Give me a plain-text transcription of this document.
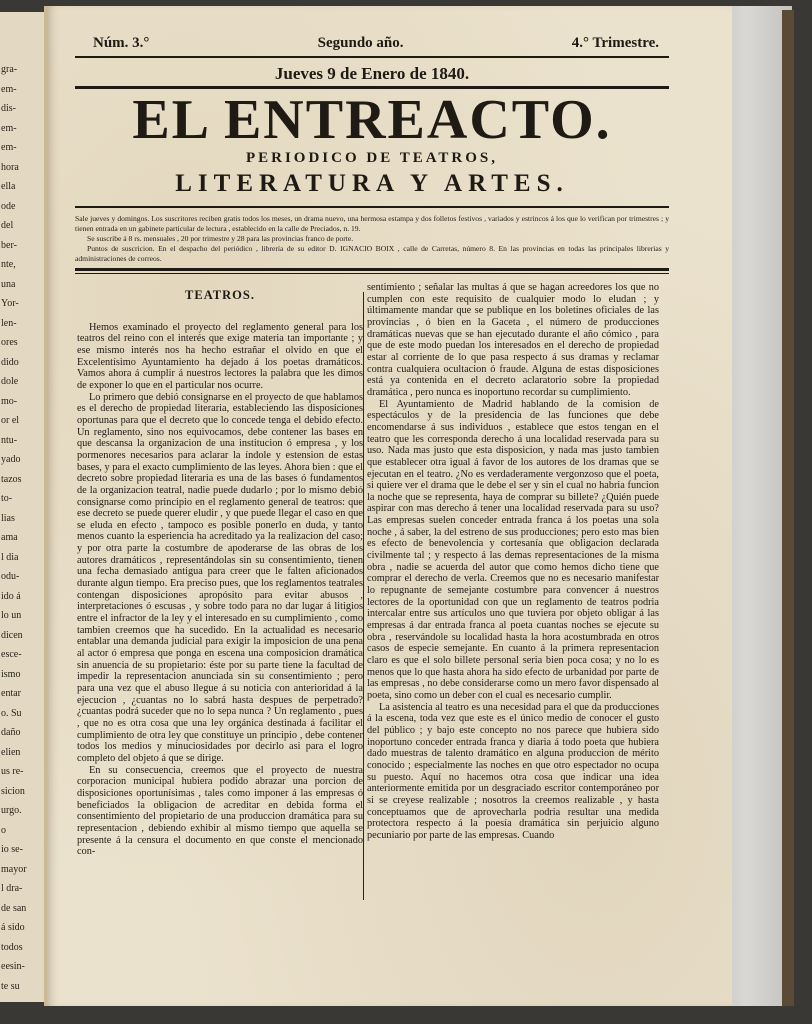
gra-
em-
dis-
em-
em-
hora
ella
ode
del
ber-
nte,
una
Yor-
len-
ores
dido
dole
mo-
or el
ntu-
yado
tazos
to-
lias
ama
l dia
odu-
ido á
lo un
dicen
esce-
ismo
entar
o. Su
daño
elien
us re-
sicion
urgo.
o
io se-
mayor
l dra-
de san
á sido
todos
eesin-
te su
Núm. 3.°	Segundo año.	4.° Trimestre.
Jueves 9 de Enero de 1840.
EL ENTREACTO.
PERIODICO DE TEATROS,
LITERATURA Y ARTES.
Sale jueves y domingos. Los suscritores reciben gratis todos los meses, un drama nuevo, una hermosa estampa y dos folletos festivos , variados y estrincos á los que lo verifican por trimestres ; y tienen entrada en un gabinete particular de lectura , establecido en la calle de Preciados, n. 19.
Se suscribe á 8 rs. mensuales , 20 por trimestre y 28 para las provincias franco de porte.
Puntos de suscricion. En el despacho del periódico , librería de su editor D. IGNACIO BOIX , calle de Carretas, número 8. En las provincias en todas las principales librerias y administraciones de correos.
TEATROS.

Hemos examinado el proyecto del reglamento general para los teatros del reino con el interés que exige materia tan importante ; y ese mismo interés nos ha hecho estrañar el olvido en que el Excelentísimo Ayuntamiento ha dejado á los poetas dramáticos. Vamos ahora á cumplir á nuestros lectores la palabra que les dimos de exponer lo que en el particular nos ocurre.

Lo primero que debió consignarse en el proyecto de que hablamos es el derecho de propiedad literaria, estableciendo las disposiciones oportunas para que el decreto que lo concede tenga el debido efecto. Un reglamento, sino nos equivocamos, debe contener las bases en que descansa la organizacion de una institucion ó empresa , y los pormenores necesarios para aclarar la índole y estension de estas bases, y para el exacto cumplimiento de las leyes. Ahora bien : que el decreto sobre propiedad literaria es una de las bases ó fundamentos de la organizacion teatral, nadie puede dudarlo ; por lo mismo debió consignarse como principio en el reglamento general de teatros: que ese decreto se puede querer eludir , y que puede llegar el caso en que se eluda en efecto , tampoco es posible ponerlo en duda, y tanto menos cuanto la esperiencia ha acreditado ya la realizacion del caso; y por otra parte la costumbre de apoderarse de las obras de los autores dramáticos , representándolas sin su consentimiento, tienen una fecha demasiado antigua para creer que le falten aficionados durante algun tiempo. Era preciso pues, que los reglamentos teatrales contengan disposiciones apropósito para evitar abusos , interpretaciones ó escusas , y sobre todo para no dar lugar á litigios entre el infractor de la ley y el interesado en su cumplimiento , como tambien creemos que ha sucedido. En la actualidad es necesario entablar una demanda judicial para exigir la imposicion de una pena al actor ó empresa que ponga en escena una composicion dramática sin anuencia de su propietario: éste por su parte tiene la facultad de impedir la representacion anunciada sin su consentimiento ; pero para una vez que el abuso llegue á su noticia con anterioridad á la ejecucion , ¿cuantas no lo sabrá hasta despues de perpetrado? ¿cuantas podrá suceder que no lo sepa nunca ? Un reglamento , pues , que no es otra cosa que una ley orgánica destinada á facilitar el cumplimiento de otra ley que constituye un principio , debe contener todos los medios y minuciosidades por decirlo asi para el logro completo del objeto á que se dirige.

En su consecuencia, creemos que el proyecto de nuestra corporacion municipal hubiera podido abrazar una porcion de disposiciones oportunísimas , tales como imponer á las empresas ó beneficiados la obligacion de acreditar en debida forma el consentimiento del propietario de una produccion dramática para su representacion , debiendo exhibir al mismo tiempo que aquella se presente á la censura el documento en que conste el mencionado con-

sentimiento ; señalar las multas á que se hagan acreedores los que no cumplen con este requisito de cualquier modo lo eludan ; y últimamente mandar que se publique en los boletines oficiales de las provincias , ó bien en la Gaceta , el número de producciones dramáticas nuevas que se han ejecutado durante el año cómico , para que de este modo puedan los interesados en el derecho de propiedad estar al corriente de lo que pasa respecto á sus dramas y reclamar contra cualquiera ocultacion ó fraude. Alguna de estas disposiciones está ya contenida en el decreto aclaratorio sobre la propiedad dramática , pero nunca es inoportuno recordar su cumplimiento.

El Ayuntamiento de Madrid hablando de la comision de espectáculos y de la presidencia de las funciones que debe encomendarse á sus individuos , establece que estos tengan en el teatro que les corresponda derecho á una localidad reservada para su uso. Nada mas justo que esta disposicion, y nada mas justo tambien que establecer otra igual á favor de los autores de los dramas que se ejecutan en el teatro. ¿No es verdaderamente vergonzoso que el poeta, si quiere ver el drama que le debe el ser y sin el cual no habria funcion la noche que se representa, haya de comprar su billete? ¿Quién puede aspirar con mas derecho á tener una localidad reservada para su uso? Las empresas suelen conceder entrada franca á los poetas una sola noche , á saber, la del estreno de sus producciones; pero esto mas bien es efecto de benevolencia y cortesanía que obligacion declarada civilmente tal ; y respecto á las demas representaciones de la misma obra , nadie se acuerda del autor que como hemos dicho tiene que comprar el derecho de verla. Creemos que no es necesario manifestar lo repugnante de semejante costumbre para convencer á nuestros lectores de la oportunidad con que un reglamento de teatros podria intercalar entre sus artículos uno que tuviera por objeto obligar á las empresas á dar entrada franca al poeta cuantas noches se ejecute su obra , reservándole su localidad hasta la hora acostumbrada en otros casos de especie semejante. En cuanto á la primera representacion claro es que el solo billete personal seria bien poca cosa; y no lo es menos que lo que hasta ahora ha sido efecto de urbanidad por parte de las empresas , no debe considerarse como un mero favor dispensado al poeta, sino como un deber con el cual es necesario cumplir.

La asistencia al teatro es una necesidad para el que da producciones á la escena, toda vez que este es el único medio de conocer el gusto del público ; y bajo este concepto no nos parece que hubiera sido inoportuno conceder entrada franca y diaria á todo poeta que hubiera dado muestras de talento dramático en alguna produccion de mérito conocido ; especialmente las noches en que otro espectador no ocupa su puesto. Aquí no hacemos otra cosa que indicar una idea anteriormente emitida por un desgraciado escritor contemporáneo por si se creyese realizable ; nosotros la creemos realizable , y hasta conceptuamos que de aprovecharla podria resultar una medida protectora respecto á la poesía dramática sin perjuicio alguno pecuniario por parte de las empresas. Cuando
